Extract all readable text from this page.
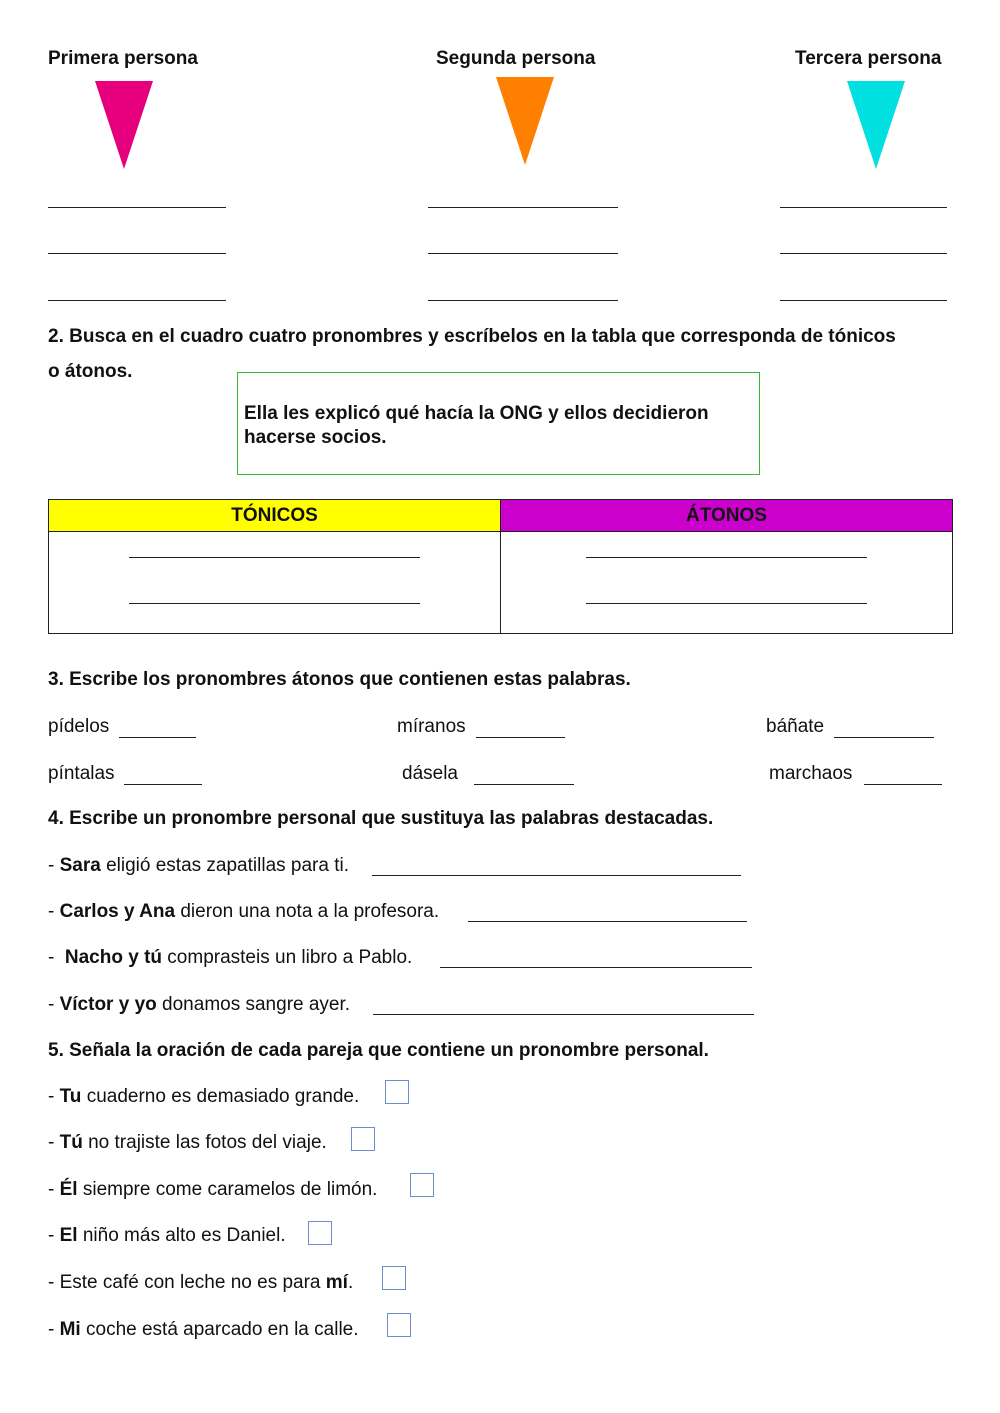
Primera persona	Segunda persona	Tercera persona
2. Busca en el cuadro cuatro pronombres y escríbelos en la tabla que corresponda de tónicos
o átonos.
Ella les explicó qué hacía la ONG y ellos decidieron hacerse socios.
TÓNICOS	ÁTONOS
3. Escribe los pronombres átonos que contienen estas palabras.
pídelos	míranos	báñate
píntalas	dásela	marchaos
4. Escribe un pronombre personal que sustituya las palabras destacadas.
- Sara eligió estas zapatillas para ti.
- Carlos y Ana dieron una nota a la profesora.
- Nacho y tú comprasteis un libro a Pablo.
- Víctor y yo donamos sangre ayer.
5. Señala la oración de cada pareja que contiene un pronombre personal.
- Tu cuaderno es demasiado grande.
- Tú no trajiste las fotos del viaje.
- Él siempre come caramelos de limón.
- El niño más alto es Daniel.
- Este café con leche no es para mí.
- Mi coche está aparcado en la calle.
